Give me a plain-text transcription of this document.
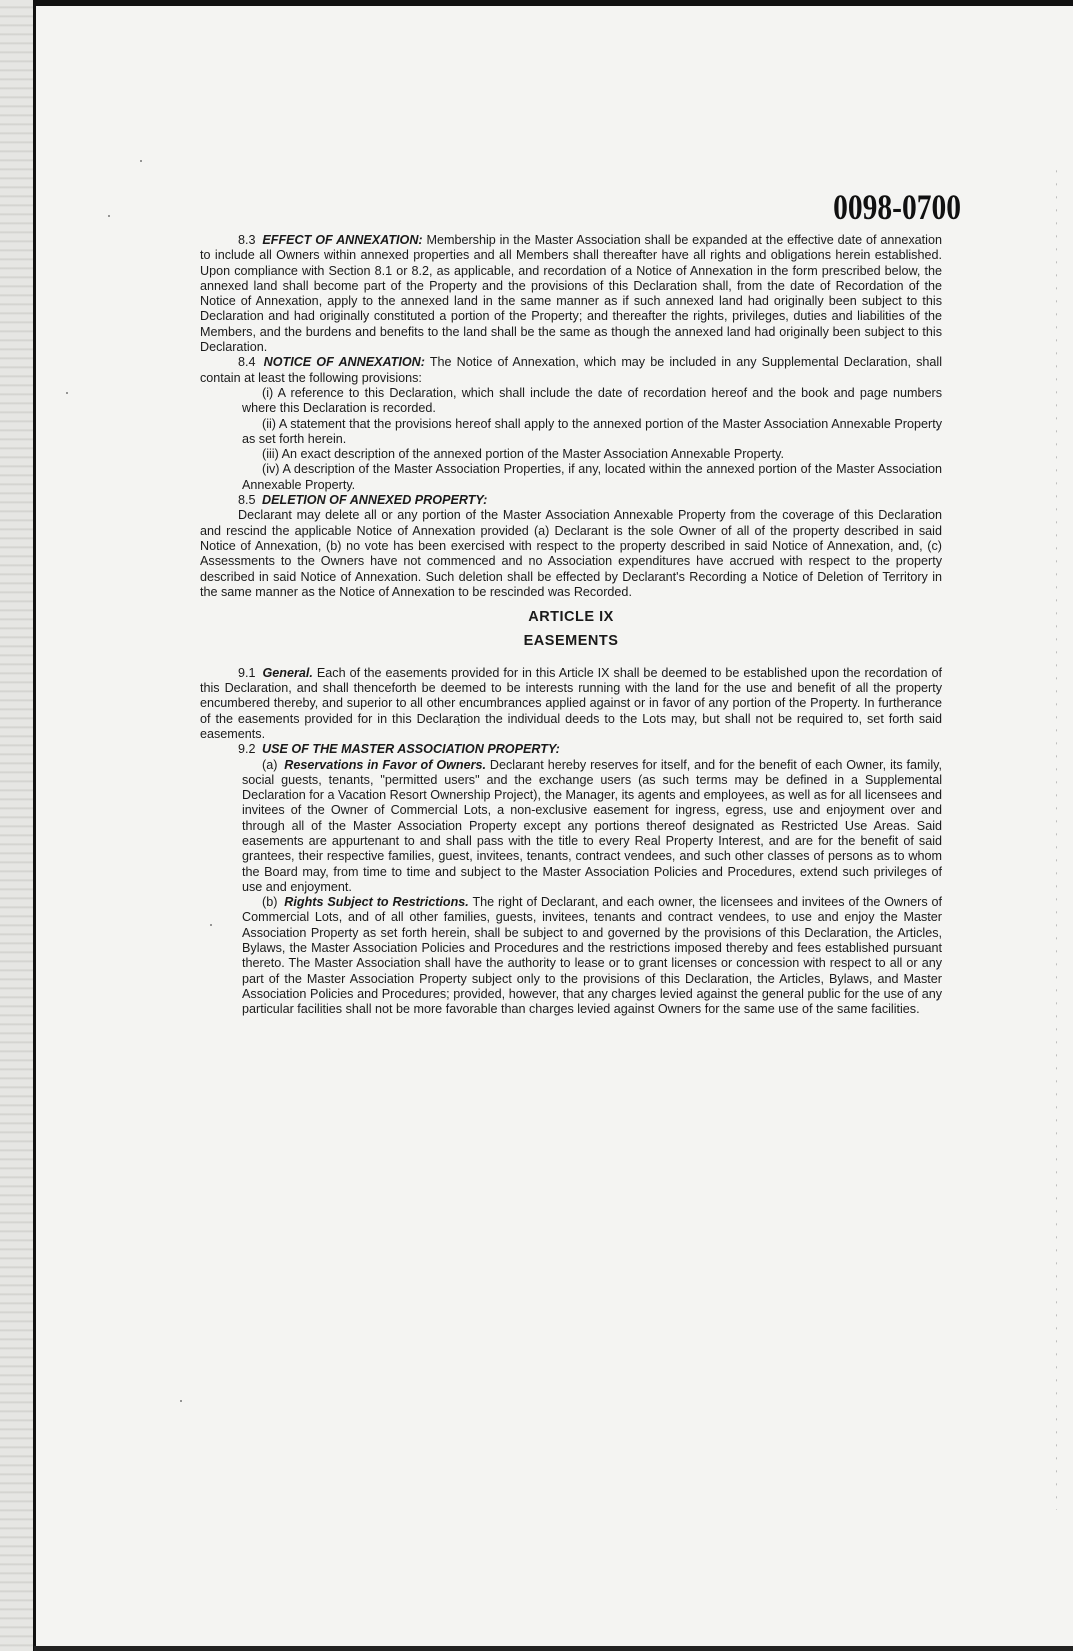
0098-0700

8.3 EFFECT OF ANNEXATION: Membership in the Master Association shall be expanded at the effective date of annexation to include all Owners within annexed properties and all Members shall thereafter have all rights and obligations herein established. Upon compliance with Section 8.1 or 8.2, as applicable, and recordation of a Notice of Annexation in the form prescribed below, the annexed land shall become part of the Property and the provisions of this Declaration shall, from the date of Recordation of the Notice of Annexation, apply to the annexed land in the same manner as if such annexed land had originally been subject to this Declaration and had originally constituted a portion of the Property; and thereafter the rights, privileges, duties and liabilities of the Members, and the burdens and benefits to the land shall be the same as though the annexed land had originally been subject to this Declaration.

8.4 NOTICE OF ANNEXATION: The Notice of Annexation, which may be included in any Supplemental Declaration, shall contain at least the following provisions:

(i) A reference to this Declaration, which shall include the date of recordation hereof and the book and page numbers where this Declaration is recorded.

(ii) A statement that the provisions hereof shall apply to the annexed portion of the Master Association Annexable Property as set forth herein.

(iii) An exact description of the annexed portion of the Master Association Annexable Property.

(iv) A description of the Master Association Properties, if any, located within the annexed portion of the Master Association Annexable Property.

8.5 DELETION OF ANNEXED PROPERTY:

Declarant may delete all or any portion of the Master Association Annexable Property from the coverage of this Declaration and rescind the applicable Notice of Annexation provided (a) Declarant is the sole Owner of all of the property described in said Notice of Annexation, (b) no vote has been exercised with respect to the property described in said Notice of Annexation, and, (c) Assessments to the Owners have not commenced and no Association expenditures have accrued with respect to the property described in said Notice of Annexation. Such deletion shall be effected by Declarant's Recording a Notice of Deletion of Territory in the same manner as the Notice of Annexation to be rescinded was Recorded.

ARTICLE IX
EASEMENTS

9.1 General. Each of the easements provided for in this Article IX shall be deemed to be established upon the recordation of this Declaration, and shall thenceforth be deemed to be interests running with the land for the use and benefit of all the property encumbered thereby, and superior to all other encumbrances applied against or in favor of any portion of the Property. In furtherance of the easements provided for in this Declaration the individual deeds to the Lots may, but shall not be required to, set forth said easements.

9.2 USE OF THE MASTER ASSOCIATION PROPERTY:

(a) Reservations in Favor of Owners. Declarant hereby reserves for itself, and for the benefit of each Owner, its family, social guests, tenants, "permitted users" and the exchange users (as such terms may be defined in a Supplemental Declaration for a Vacation Resort Ownership Project), the Manager, its agents and employees, as well as for all licensees and invitees of the Owner of Commercial Lots, a non-exclusive easement for ingress, egress, use and enjoyment over and through all of the Master Association Property except any portions thereof designated as Restricted Use Areas. Said easements are appurtenant to and shall pass with the title to every Real Property Interest, and are for the benefit of said grantees, their respective families, guest, invitees, tenants, contract vendees, and such other classes of persons as to whom the Board may, from time to time and subject to the Master Association Policies and Procedures, extend such privileges of use and enjoyment.

(b) Rights Subject to Restrictions. The right of Declarant, and each owner, the licensees and invitees of the Owners of Commercial Lots, and of all other families, guests, invitees, tenants and contract vendees, to use and enjoy the Master Association Property as set forth herein, shall be subject to and governed by the provisions of this Declaration, the Articles, Bylaws, the Master Association Policies and Procedures and the restrictions imposed thereby and fees established pursuant thereto. The Master Association shall have the authority to lease or to grant licenses or concession with respect to all or any part of the Master Association Property subject only to the provisions of this Declaration, the Articles, Bylaws, and Master Association Policies and Procedures; provided, however, that any charges levied against the general public for the use of any particular facilities shall not be more favorable than charges levied against Owners for the same use of the same facilities.
